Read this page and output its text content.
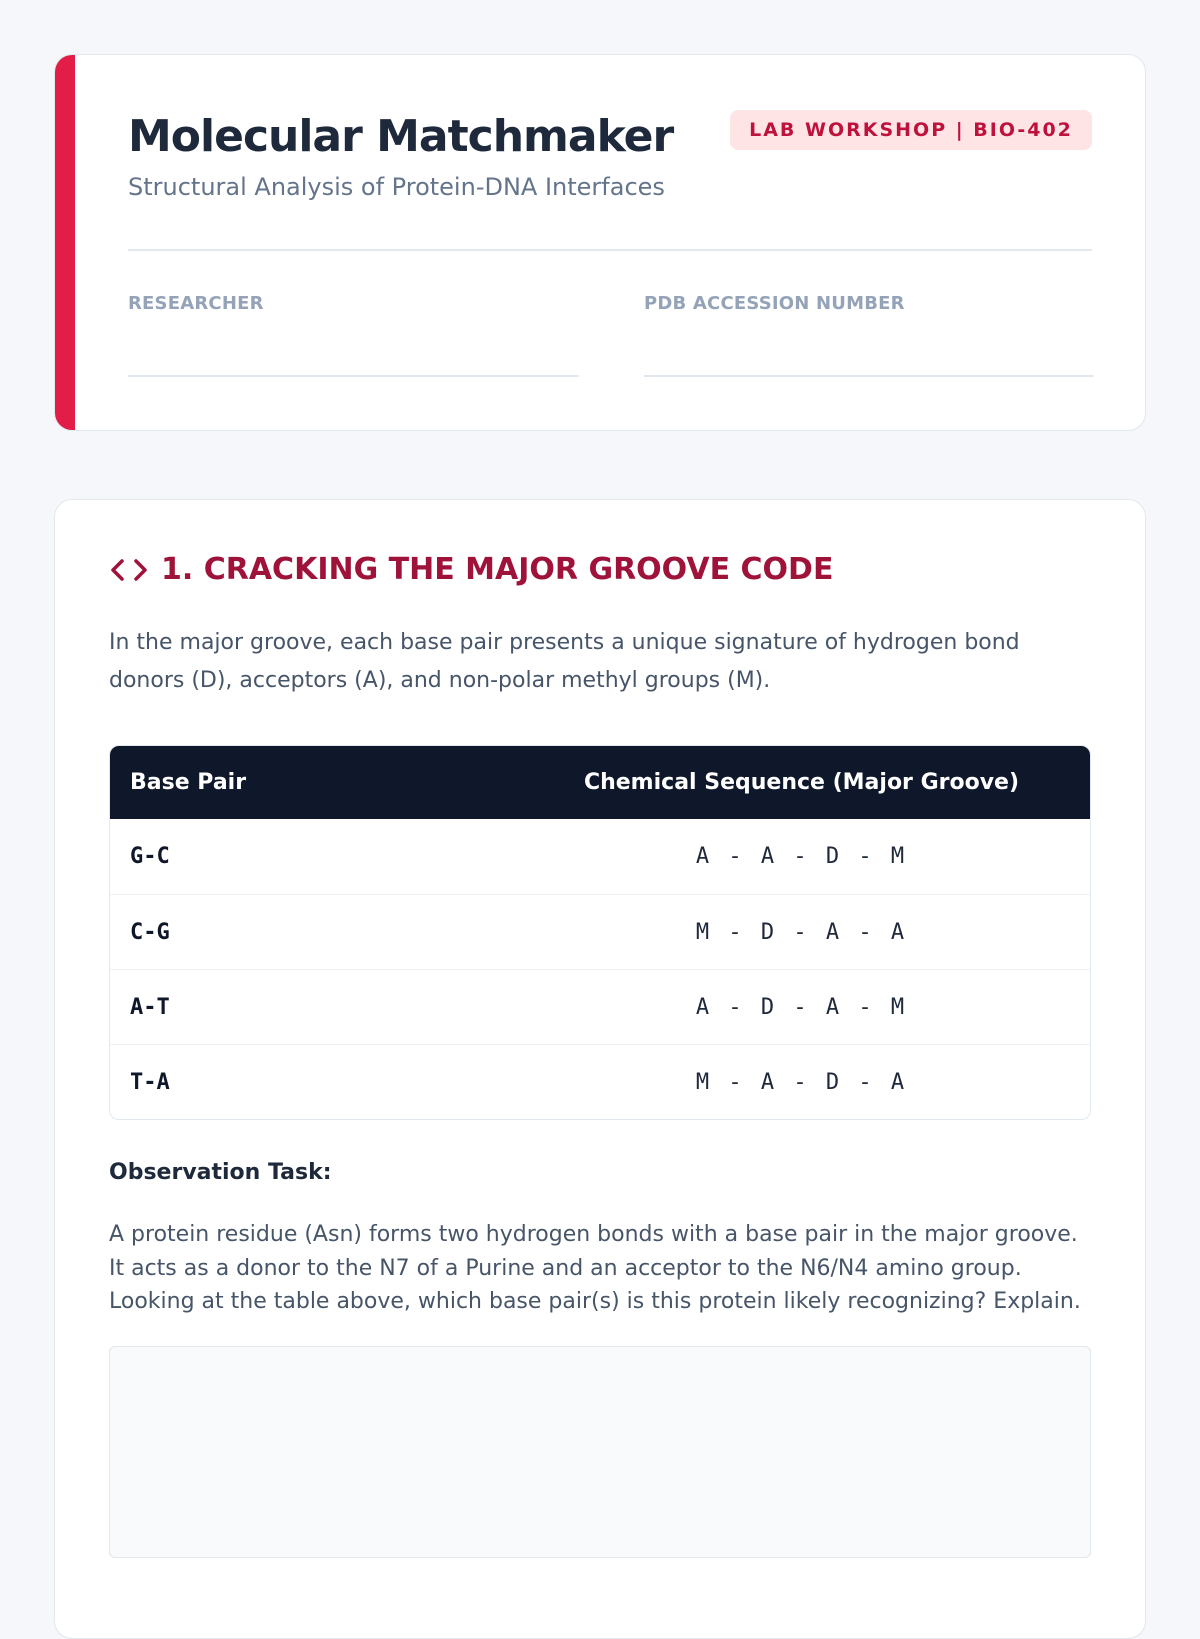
Molecular Matchmaker
Structural Analysis of Protein-DNA Interfaces
LAB WORKSHOP | BIO-402
RESEARCHER	PDB ACCESSION NUMBER
1. CRACKING THE MAJOR GROOVE CODE

In the major groove, each base pair presents a unique signature of hydrogen bond donors (D), acceptors (A), and non-polar methyl groups (M).

Base Pair	Chemical Sequence (Major Groove)
G-C	A - A - D - M
C-G	M - D - A - A
A-T	A - D - A - M
T-A	M - A - D - A
Observation Task:

A protein residue (Asn) forms two hydrogen bonds with a base pair in the major groove. It acts as a donor to the N7 of a Purine and an acceptor to the N6/N4 amino group. Looking at the table above, which base pair(s) is this protein likely recognizing? Explain.
